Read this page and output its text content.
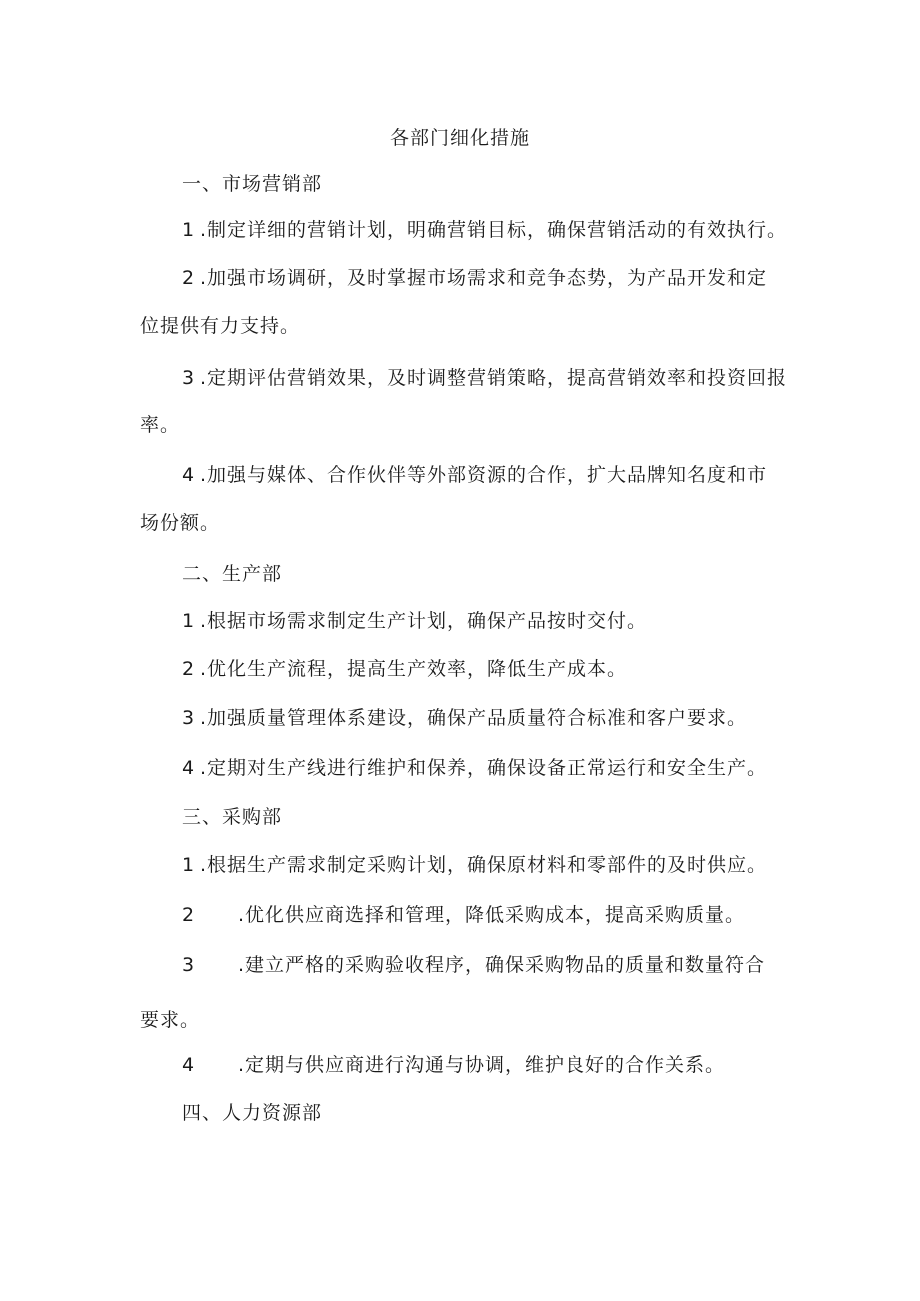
各部门细化措施
一、市场营销部
1 .制定详细的营销计划，明确营销目标，确保营销活动的有效执行。
2 .加强市场调研，及时掌握市场需求和竞争态势，为产品开发和定
位提供有力支持。
3 .定期评估营销效果，及时调整营销策略，提高营销效率和投资回报
率。
4 .加强与媒体、合作伙伴等外部资源的合作，扩大品牌知名度和市
场份额。
二、生产部
1 .根据市场需求制定生产计划，确保产品按时交付。
2 .优化生产流程，提高生产效率，降低生产成本。
3 .加强质量管理体系建设，确保产品质量符合标准和客户要求。
4 .定期对生产线进行维护和保养，确保设备正常运行和安全生产。
三、采购部
1 .根据生产需求制定采购计划，确保原材料和零部件的及时供应。
2 .优化供应商选择和管理，降低采购成本，提高采购质量。
3 .建立严格的采购验收程序，确保采购物品的质量和数量符合
要求。
4 .定期与供应商进行沟通与协调，维护良好的合作关系。
四、人力资源部
